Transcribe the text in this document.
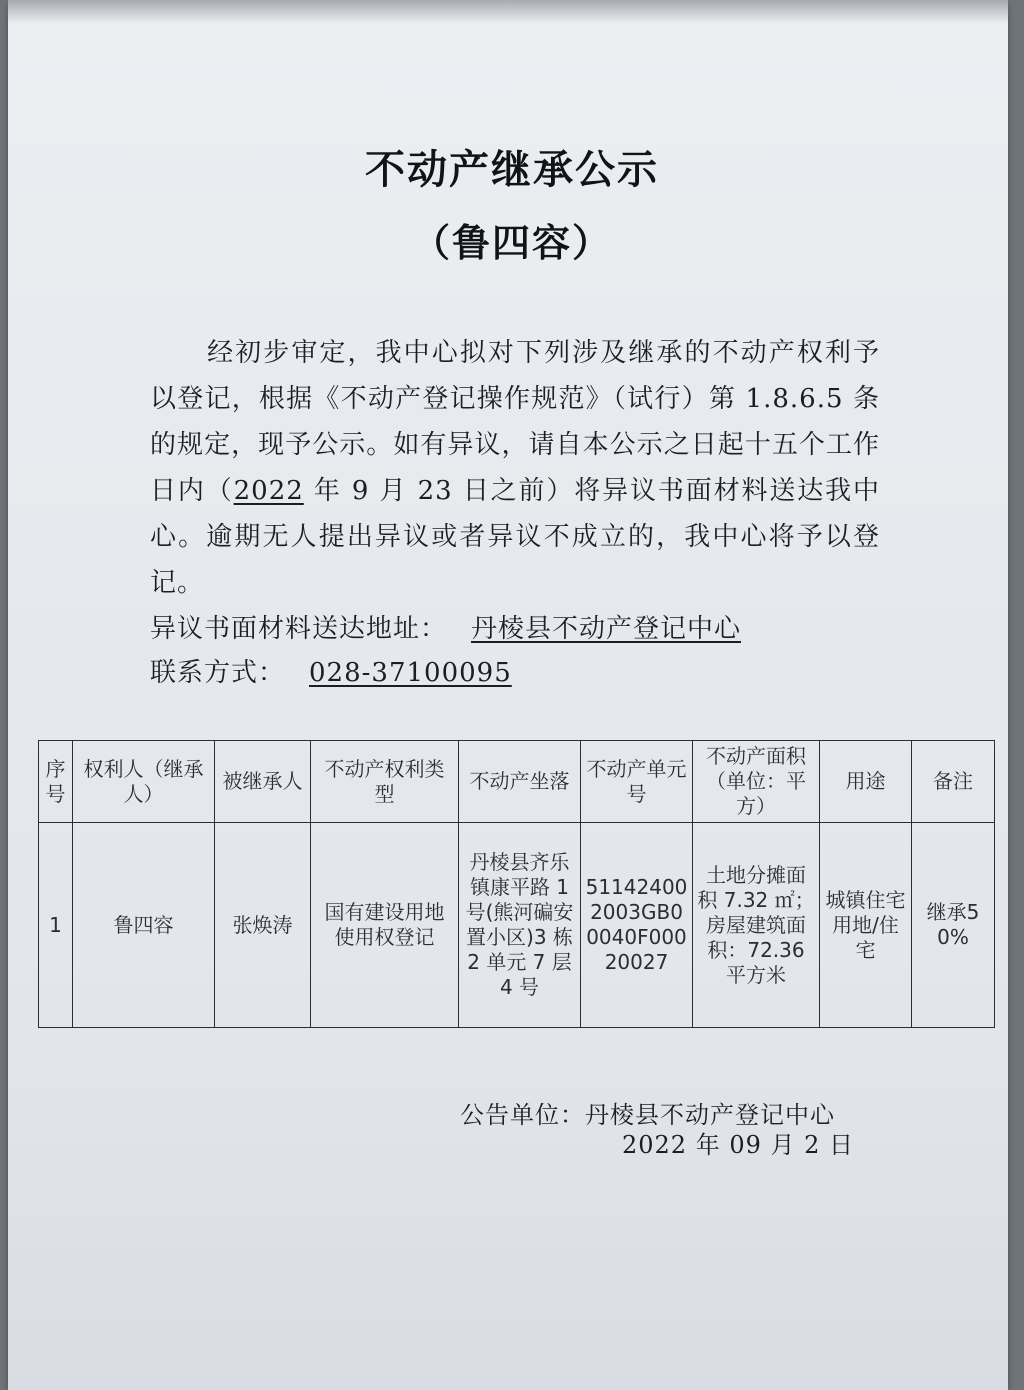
不动产继承公示
（鲁四容）
经初步审定，我中心拟对下列涉及继承的不动产权利予以登记，根据《不动产登记操作规范》（试行）第 1.8.6.5 条的规定，现予公示。如有异议，请自本公示之日起十五个工作日内（2022 年 9 月 23 日之前）将异议书面材料送达我中心。逾期无人提出异议或者异议不成立的，我中心将予以登记。
异议书面材料送达地址： 丹棱县不动产登记中心
联系方式： 028-37100095
序号	权利人（继承人）	被继承人	不动产权利类型	不动产坐落	不动产单元号	不动产面积（单位：平方）	用途	备注
1	鲁四容	张焕涛	国有建设用地使用权登记	丹棱县齐乐镇康平路 1 号(熊河碥安置小区)3 栋 2 单元 7 层 4 号	511424002003GB00040F00020027	土地分摊面积 7.32 ㎡；房屋建筑面积：72.36 平方米	城镇住宅用地/住宅	继承50%
公告单位：丹棱县不动产登记中心
2022 年 09 月 2 日
